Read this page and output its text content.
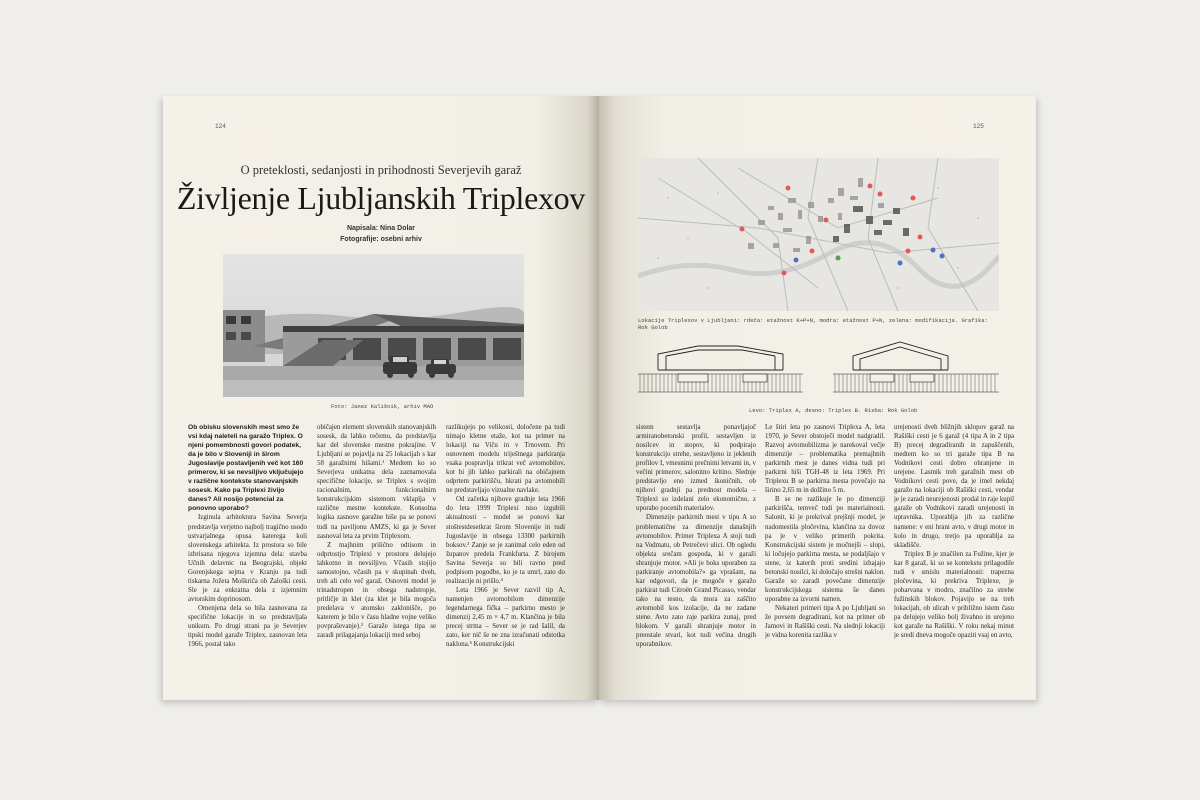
124
O preteklosti, sedanjosti in prihodnosti Severjevih garaž
Življenje Ljubljanskih Triplexov
Napisala: Nina Dolar
Fotografije: osebni arhiv
Foto: Janez Kališnik, arhiv MAO

Ob obisku slovenskih mest smo že vsi kdaj naleteli na garažo Triplex. O njeni pomembnosti govori podatek, da je bilo v Sloveniji in širom Jugoslavije postavljenih več kot 160 primerov, ki se nevsiljivo vključujejo v različne kontekste stanovanjskih sosesk. Kako pa Triplexi živijo danes? Ali nosijo potencial za ponovno uporabo?

Izginula arhitektura Savina Severja predstavlja verjetno najbolj tragično usodo ustvarjalnega opusa katerega koli slovenskega arhitekta. Iz prostora so bile izbrisana njegova izjemna dela: stavba Učnih delavnic na Beograjski, objekt Gorenjskega sejma v Kranju pa tudi tiskarna Jožeta Moškriča ob Zaloški cesti. Sle je za enkratna dela z izjemnim avtorskim doprinosom.

Omenjena dela so bila zasnovana za specifične lokacije in so predstavljala unikum. Po drugi strani pa je Severjev tipski model garaže Triplex, zasnovan leta 1966, postal tako

običajen element slovenskih stanovanjskih sosesk, da lahko rečemo, da predstavlja kar del slovenske mestne pokrajine. V Ljubljani se pojavlja na 25 lokacijah s kar 58 garažnimi hišami.¹ Medtem ko so Severjeva unikatna dela zaznamovala specifične lokacije, se Triplex s svojim racionalnim, funkcionalnim konstrukcijskim sistemom vklaplja v različne mestne kontekste. Konsolna logika zasnove garažne hiše pa se ponovi tudi na paviljonu AMZS, ki ga je Sever zasnoval leta za prvim Triplexom.

Z majhnim prilično odtisom in odprtostjo Triplexi v prostoru delujejo lahkotno in nevsiljivo. Včasih stojijo samostojno, včasih pa v skupinah dveh, treh ali celo več garaž. Osnovni model je trinadstropen in obsega nadstropje, pritličje in klet (za klet je bila mogoča predelava v atomsko zaklonišče, po katerem je bilo v času hladne vojne veliko povpraševanje).² Garaže istega tipa se zaradi prilagajanja lokaciji med seboj

razlikujejo po velikosti, določene pa tudi nimajo kletne etaže, kot na primer na lokaciji na Viču in v Trnovem. Pri osnovnem modelu triještnega parkiranja vsaka pospravlja trikrat več avtomobilov, kot bi jih lahko parkirali na običajnem odprtem parkirišču, hkrati pa avtomobili ne predstavljajo vizualne navlake.

Od začetka njihove gradnje leta 1966 do leta 1999 Triplexi niso izgubili aktualnosti – model se ponovi kar stoštestdesetkrat širom Slovenije in tudi Jugoslavije in obsega 13300 parkirnih boksov.³ Zanje se je zanimal celo eden od županov predela Frankfurta. Z birojem Savina Severja so bili ravno pred podpisom pogodbe, ko je ta umrl, zato do realizacije ni prišlo.⁴

Leta 1966 je Sever razvil tip A, namenjen avtomobilom dimenzije legendarnega fička – parkirno mesto je dimenzij 2,45 m × 4,7 m. Klančina je bila precej strma – Sever se je rad šalil, da zato, ker nič še ne zna izračunati odstotka naklona.⁵ Konstrukcijski

125
Lokacije Triplexov v Ljubljani: rdeča: etažnost K+P+N, modra: etažnost P+N, zelena: modifikacija. Grafika: Rok Golob
Levo: Triplex A, desno: Triplex B. Risba: Rok Golob

sistem sestavlja ponavljajoč armiranobetonski profil, sestavljen iz nosilcev in stopov, ki podpirajo konstrukcijo strehe, sestavljeno iz jeklenih profilov I, vmesnimi prečnimi letvami in, v večini primerov, salonitno kritino. Slednje predstavljo eno izmed ikoničnih, ob njihovi gradnji pa prednost modela – Triplexi so izdelani zelo ekonomično, z uporabo pocenih materialov.

Dimenzije parkirnih mest v tipu A so problematične za dimenzije današnjih avtomobilov. Primer Triplexa A stoji tudi na Vodmatu, ob Petrečevi ulici. Ob ogledu objekta srečam gospoda, ki v garaži shranjuje motor. »Ali je boks uporaben za parkiranje avtomobila?« ga vprašam, na kar odgovori, da je mogoče v garažo parkirat tudi Citroën Grand Picasso, vendar tako na tesno, da mora za zaščito avtomobil kos izolacije, da ne zadane stene. Avto zato raje parkira zunaj, pred blokom. V garaži shranjuje motor in preostale stvari, kot tudi večina drugih uporabnikov.

Le štiri leta po zasnovi Triplexa A, leta 1970, je Sever obstoječi model nadgradil. Razvoj avtomobilizma je narekoval večje dimenzije – problematika premajhnih parkirnih mest je danes vidna tudi pri parkirni hiši TGH-48 iz leta 1969. Pri Triplexu B se parkirna mesta povečajo na širino 2,65 m in dolžino 5 m.

B se ne razlikuje le po dimenziji parkirišča, temveč tudi po materialnosti. Salonit, ki je prekrival prejšnji model, je nadomestila pločevina, klančina za dovoz pa je v veliko primerih pokrita. Konstrukcijski sistem je močnejši – slopi, ki ločujejo parkirna mesta, se podaljšajo v stene, iz katerih proti sredini izhajajo betonski nosilci, ki določajo strešni naklon. Garaže so zaradi povečane dimenzije konstrukcijskega sistema še danes uporabne za izvorni namen.

Nekateri primeri tipa A po Ljubljani so že povsem degradirani, kot na primer ob Jamovi in Rašiški cesti. Na slednji lokaciji je vidna korenita razlika v

urejenosti dveh bližnjih sklopov garaž na Rašiški cesti je 6 garaž (4 tipa A in 2 tipa B) precej degradiranih in zapuščenih, medtem ko so tri garaže tipa B na Vodnikovi cesti dobro ohranjene in urejene. Lastnik treh garažnih mest ob Vodnikovi cesti pove, da je imel nekdaj garažo na lokaciji ob Rašiški cesti, vendar je je zaradi neurejenosti prodal in raje kupil garaže ob Vodnikovi zaradi urejenosti in upravnika. Uporablja jih za različne namene: v eni hrani avto, v drugi motor in kolo in drugo, tretjo pa uporablja za skladišče.

Triplex B je značilen za Fužine, kjer je kar 8 garaž, ki so se kontekstu prilagodile tudi v smislu materialnosti: trapezna pločevina, ki prekriva Triplexe, je pobarvana v modro, značilno za strehe fužinskih blokov. Pojavijo se na treh lokacijah, ob ulicah v približno istem času pa delujejo veliko bolj živahno in urejeno kot garaže na Rašiški. V roku nekaj minut je sredi dneva mogoče opaziti vsaj en avto,
